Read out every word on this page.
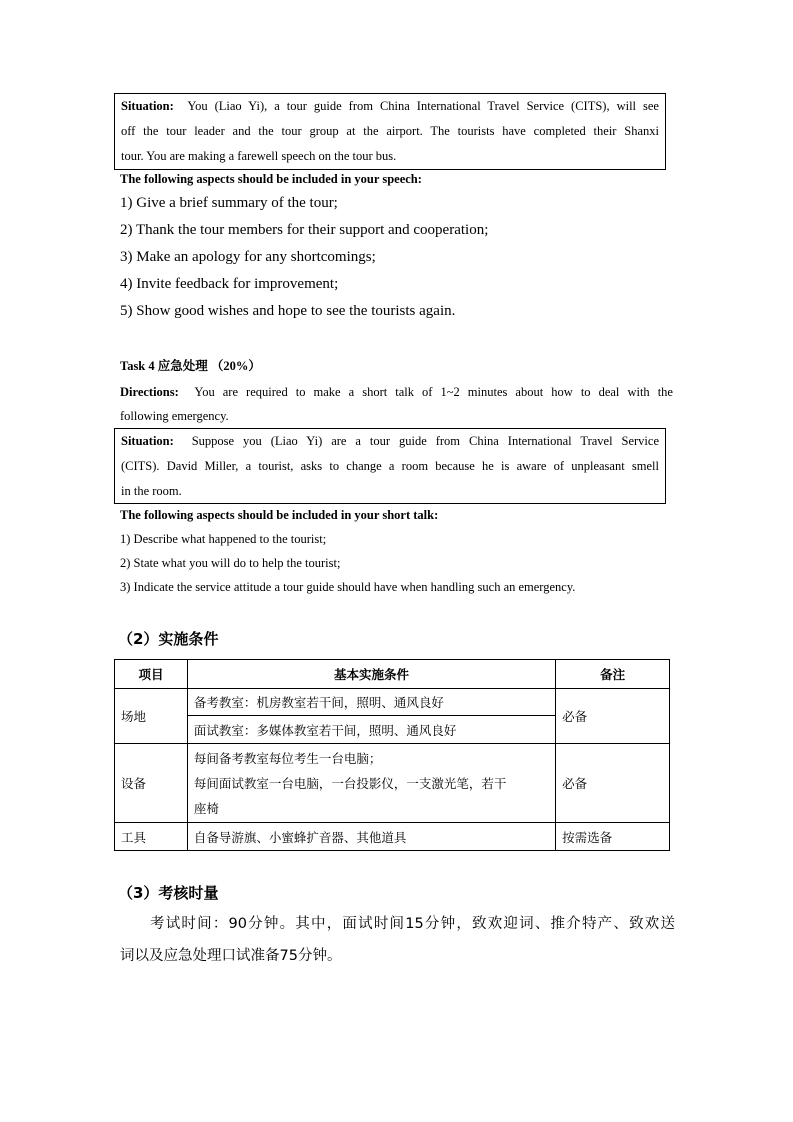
Situation: You (Liao Yi), a tour guide from China International Travel Service (CITS), will see

off the tour leader and the tour group at the airport. The tourists have completed their Shanxi

tour. You are making a farewell speech on the tour bus.

The following aspects should be included in your speech:
1) Give a brief summary of the tour;
2) Thank the tour members for their support and cooperation;
3) Make an apology for any shortcomings;
4) Invite feedback for improvement;
5) Show good wishes and hope to see the tourists again.
Task 4 应急处理 （20%）
Directions: You are required to make a short talk of 1~2 minutes about how to deal with the
following emergency.

Situation: Suppose you (Liao Yi) are a tour guide from China International Travel Service

(CITS). David Miller, a tourist, asks to change a room because he is aware of unpleasant smell

in the room.

The following aspects should be included in your short talk:
1) Describe what happened to the tourist;
2) State what you will do to help the tourist;
3) Indicate the service attitude a tour guide should have when handling such an emergency.
（2）实施条件
项目	基本实施条件	备注
场地	备考教室：机房教室若干间，照明、通风良好	必备
	面试教室：多媒体教室若干间，照明、通风良好	
设备	每间备考教室每位考生一台电脑；
每间面试教室一台电脑，一台投影仪，一支激光笔，若干
座椅	必备
工具	自备导游旗、小蜜蜂扩音器、其他道具	按需选备
（3）考核时量
考试时间：90分钟。其中，面试时间15分钟，致欢迎词、推介特产、致欢送
词以及应急处理口试准备75分钟。
